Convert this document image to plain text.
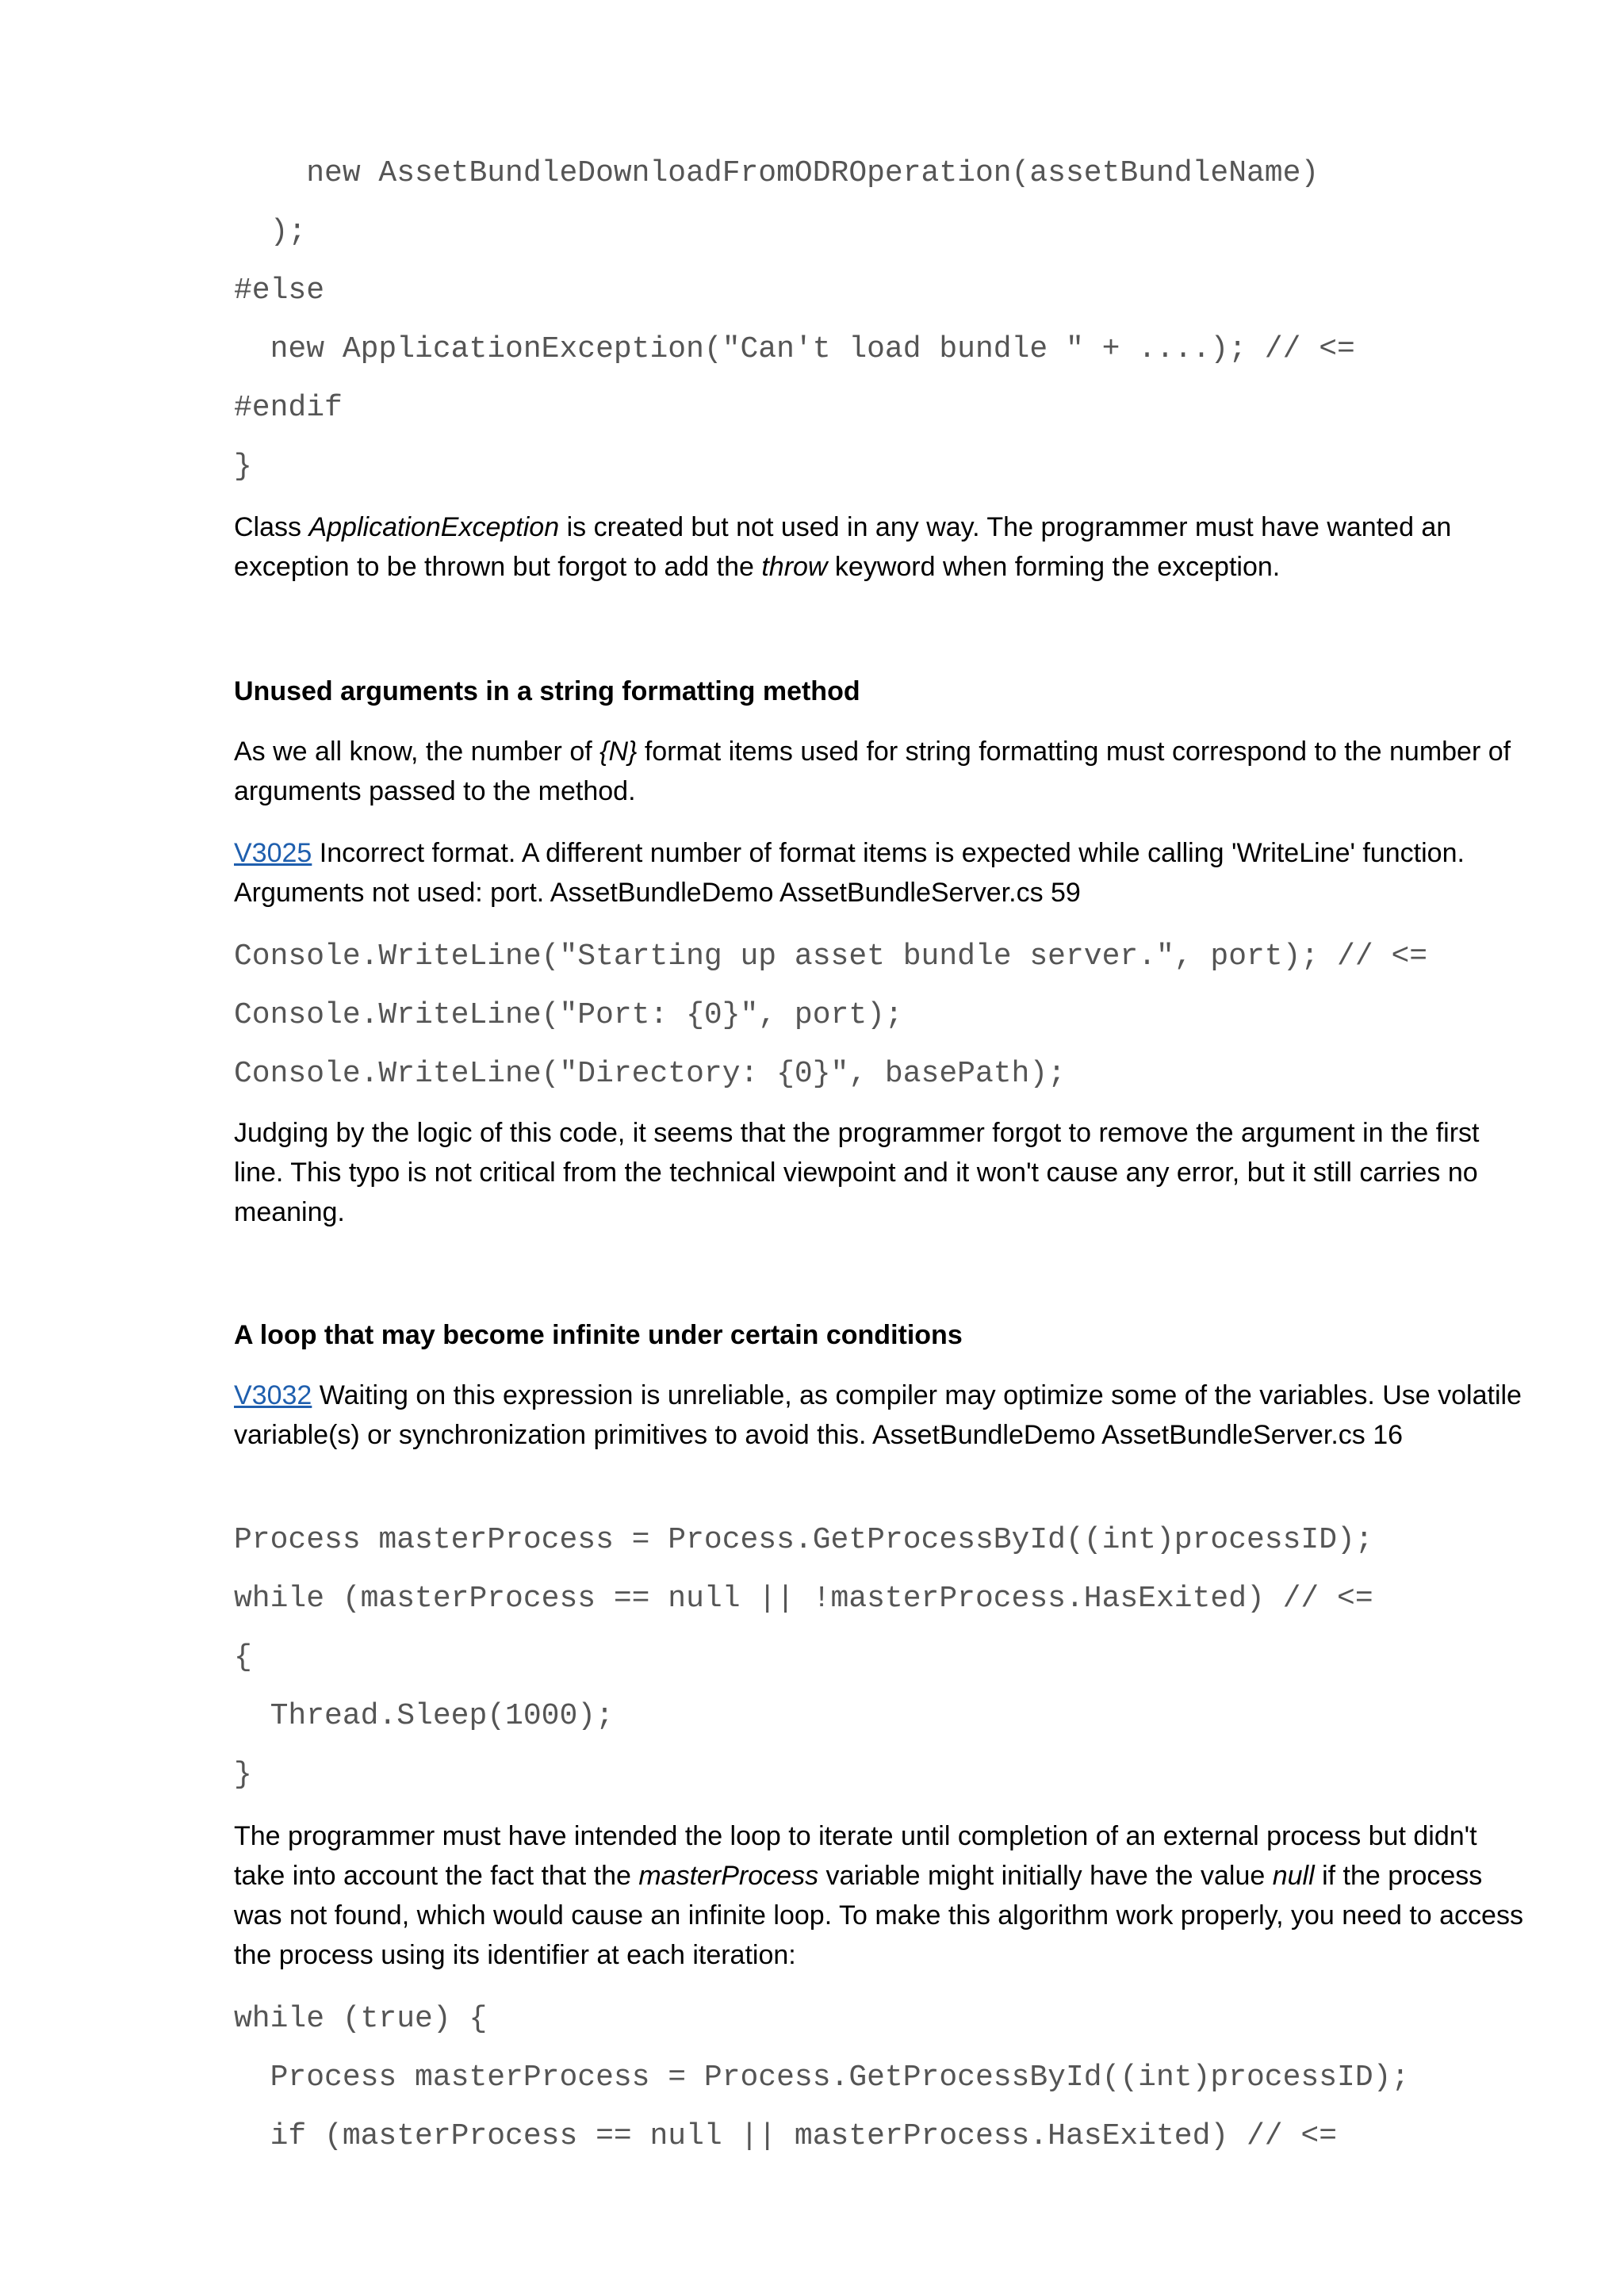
new AssetBundleDownloadFromODROperation(assetBundleName)
);
#else
new ApplicationException("Can't load bundle " + ....); // <=
#endif
}

Class ApplicationException is created but not used in any way. The programmer must have wanted an exception to be thrown but forgot to add the throw keyword when forming the exception.

Unused arguments in a string formatting method

As we all know, the number of {N} format items used for string formatting must correspond to the number of arguments passed to the method.

V3025 Incorrect format. A different number of format items is expected while calling 'WriteLine' function. Arguments not used: port. AssetBundleDemo AssetBundleServer.cs 59

Console.WriteLine("Starting up asset bundle server.", port); // <=
Console.WriteLine("Port: {0}", port);
Console.WriteLine("Directory: {0}", basePath);

Judging by the logic of this code, it seems that the programmer forgot to remove the argument in the first line. This typo is not critical from the technical viewpoint and it won't cause any error, but it still carries no meaning.

A loop that may become infinite under certain conditions

V3032 Waiting on this expression is unreliable, as compiler may optimize some of the variables. Use volatile variable(s) or synchronization primitives to avoid this. AssetBundleDemo AssetBundleServer.cs 16

Process masterProcess = Process.GetProcessById((int)processID);
while (masterProcess == null || !masterProcess.HasExited) // <=
{
Thread.Sleep(1000);
}

The programmer must have intended the loop to iterate until completion of an external process but didn't take into account the fact that the masterProcess variable might initially have the value null if the process was not found, which would cause an infinite loop. To make this algorithm work properly, you need to access the process using its identifier at each iteration:

while (true) {
Process masterProcess = Process.GetProcessById((int)processID);
if (masterProcess == null || masterProcess.HasExited) // <=
